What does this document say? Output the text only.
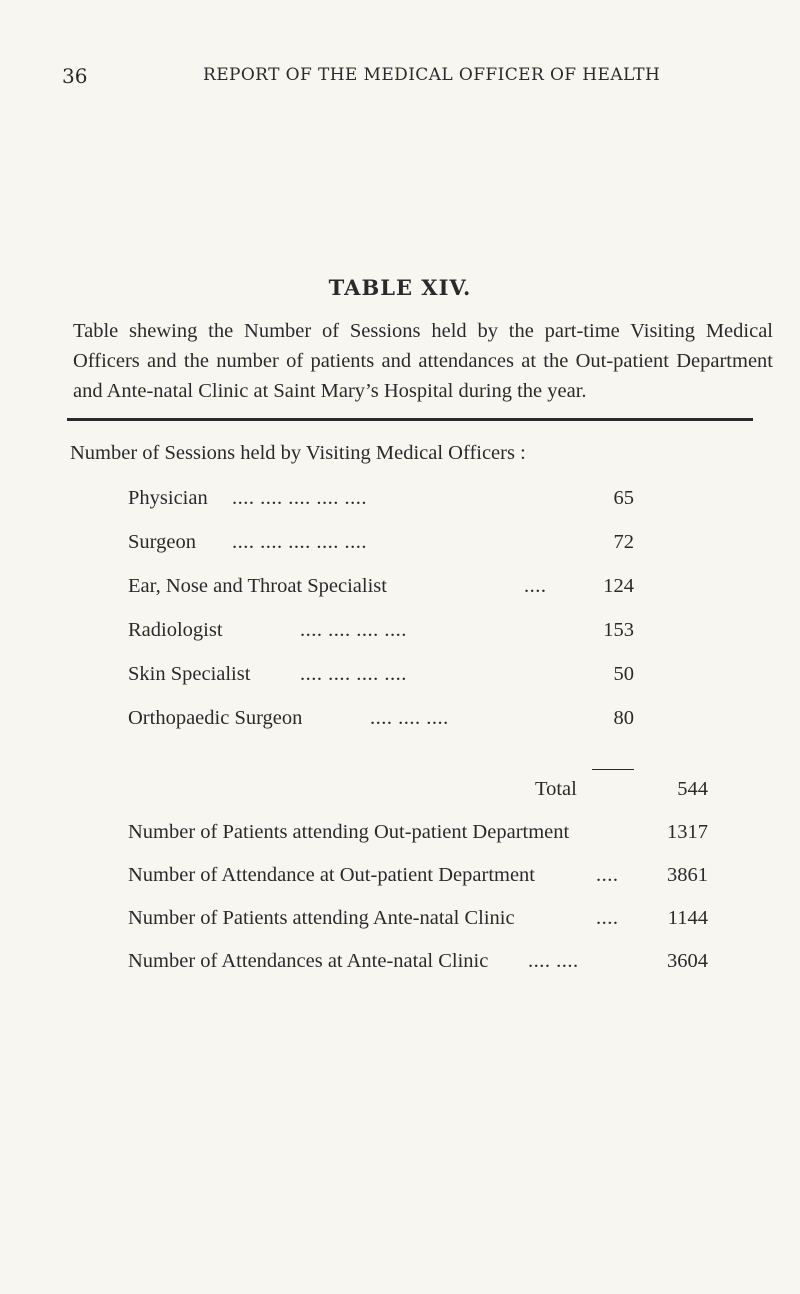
36	REPORT OF THE MEDICAL OFFICER OF HEALTH
TABLE XIV.
Table shewing the Number of Sessions held by the part-time Visiting Medical Officers and the number of patients and attendances at the Out-patient Department and Ante-natal Clinic at Saint Mary’s Hospital during the year.
Number of Sessions held by Visiting Medical Officers :
Physician .... .... .... .... ....	65
Surgeon .... .... .... .... ....	72
Ear, Nose and Throat Specialist	....	124
Radiologist	.... .... .... ....	153
Skin Specialist .... .... .... ....	50
Orthopaedic Surgeon	.... .... ....	80
Total	544
Number of Patients attending Out-patient Department	1317
Number of Attendance at Out-patient Department	....	3861
Number of Patients attending Ante-natal Clinic	....	1144
Number of Attendances at Ante-natal Clinic .... ....	3604
